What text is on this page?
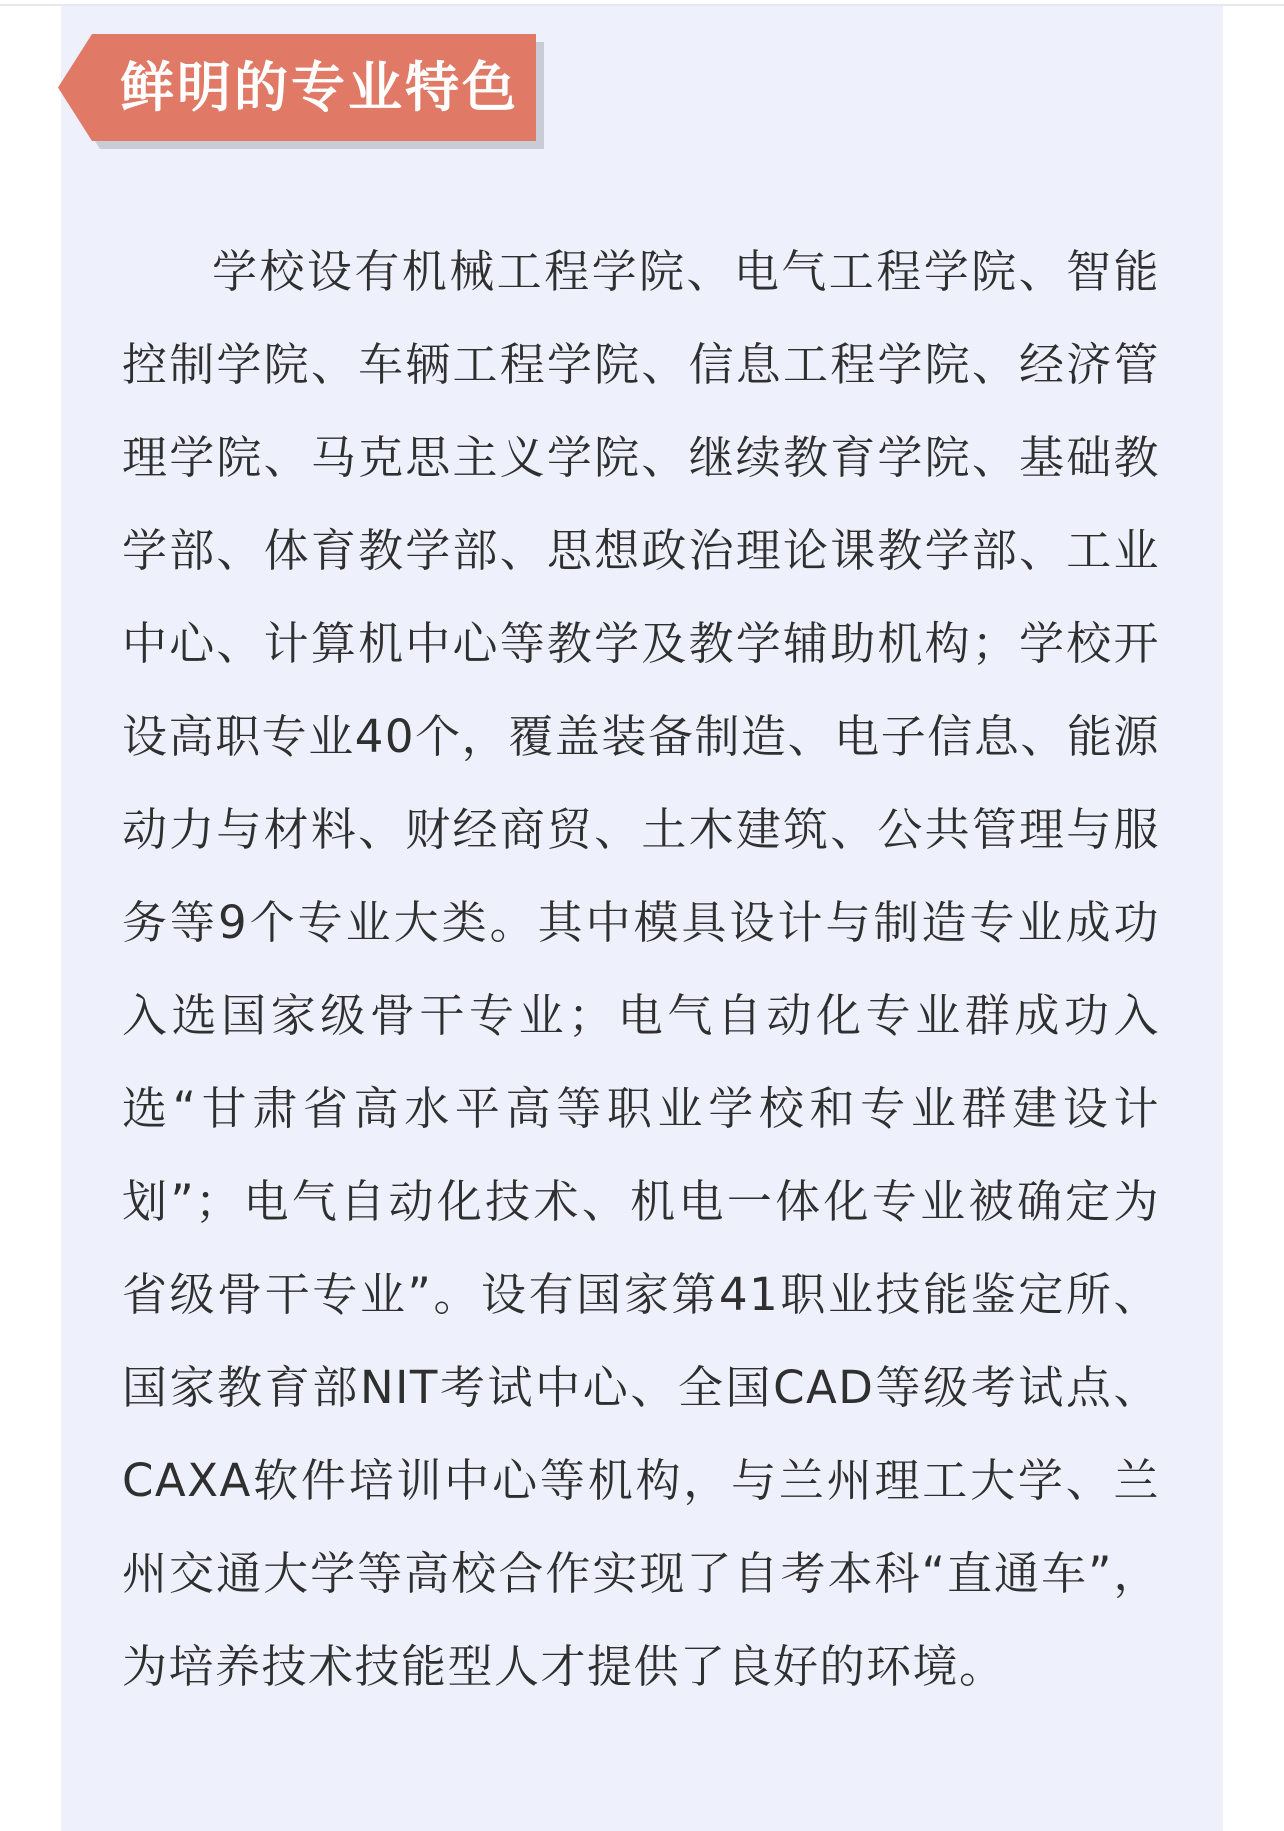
鲜明的专业特色

学校设有机械工程学院、电气工程学院、智能控制学院、车辆工程学院、信息工程学院、经济管理学院、马克思主义学院、继续教育学院、基础教学部、体育教学部、思想政治理论课教学部、工业中心、计算机中心等教学及教学辅助机构；学校开设高职专业40个，覆盖装备制造、电子信息、能源动力与材料、财经商贸、土木建筑、公共管理与服务等9个专业大类。其中模具设计与制造专业成功入选国家级骨干专业；电气自动化专业群成功入选“甘肃省高水平高等职业学校和专业群建设计划”；电气自动化技术、机电一体化专业被确定为省级骨干专业”。设有国家第41职业技能鉴定所、国家教育部NIT考试中心、全国CAD等级考试点、CAXA软件培训中心等机构，与兰州理工大学、兰州交通大学等高校合作实现了自考本科“直通车”，为培养技术技能型人才提供了良好的环境。
